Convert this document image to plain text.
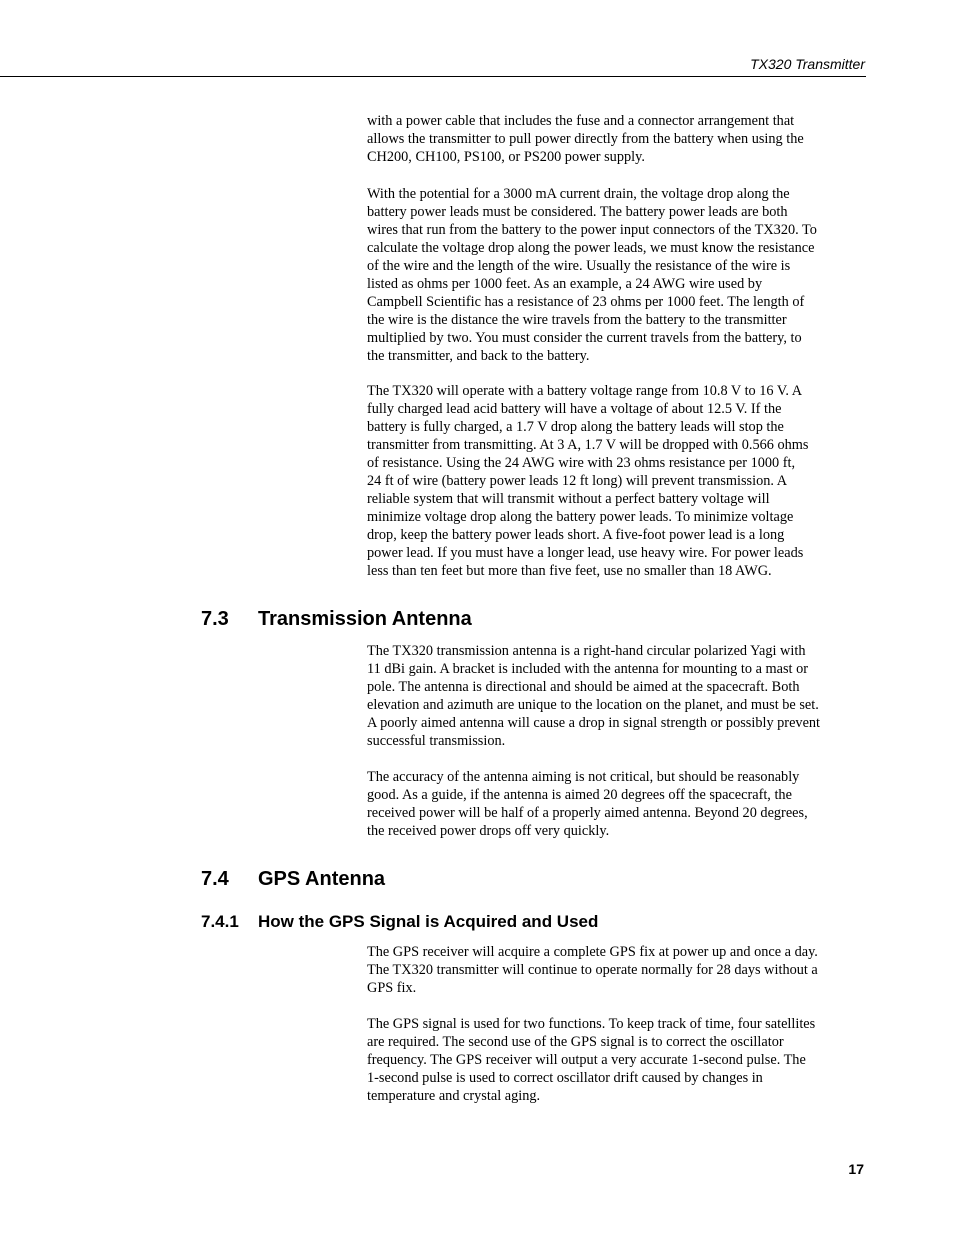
TX320 Transmitter

with a power cable that includes the fuse and a connector arrangement that
allows the transmitter to pull power directly from the battery when using the
CH200, CH100, PS100, or PS200 power supply.

With the potential for a 3000 mA current drain, the voltage drop along the
battery power leads must be considered. The battery power leads are both
wires that run from the battery to the power input connectors of the TX320. To
calculate the voltage drop along the power leads, we must know the resistance
of the wire and the length of the wire. Usually the resistance of the wire is
listed as ohms per 1000 feet. As an example, a 24 AWG wire used by
Campbell Scientific has a resistance of 23 ohms per 1000 feet. The length of
the wire is the distance the wire travels from the battery to the transmitter
multiplied by two. You must consider the current travels from the battery, to
the transmitter, and back to the battery.

The TX320 will operate with a battery voltage range from 10.8 V to 16 V. A
fully charged lead acid battery will have a voltage of about 12.5 V. If the
battery is fully charged, a 1.7 V drop along the battery leads will stop the
transmitter from transmitting. At 3 A, 1.7 V will be dropped with 0.566 ohms
of resistance. Using the 24 AWG wire with 23 ohms resistance per 1000 ft,
24 ft of wire (battery power leads 12 ft long) will prevent transmission. A
reliable system that will transmit without a perfect battery voltage will
minimize voltage drop along the battery power leads. To minimize voltage
drop, keep the battery power leads short. A five-foot power lead is a long
power lead. If you must have a longer lead, use heavy wire. For power leads
less than ten feet but more than five feet, use no smaller than 18 AWG.

7.3 Transmission Antenna

The TX320 transmission antenna is a right-hand circular polarized Yagi with
11 dBi gain. A bracket is included with the antenna for mounting to a mast or
pole. The antenna is directional and should be aimed at the spacecraft. Both
elevation and azimuth are unique to the location on the planet, and must be set.
A poorly aimed antenna will cause a drop in signal strength or possibly prevent
successful transmission.

The accuracy of the antenna aiming is not critical, but should be reasonably
good. As a guide, if the antenna is aimed 20 degrees off the spacecraft, the
received power will be half of a properly aimed antenna. Beyond 20 degrees,
the received power drops off very quickly.

7.4 GPS Antenna
7.4.1 How the GPS Signal is Acquired and Used

The GPS receiver will acquire a complete GPS fix at power up and once a day.
The TX320 transmitter will continue to operate normally for 28 days without a
GPS fix.

The GPS signal is used for two functions. To keep track of time, four satellites
are required. The second use of the GPS signal is to correct the oscillator
frequency. The GPS receiver will output a very accurate 1-second pulse. The
1-second pulse is used to correct oscillator drift caused by changes in
temperature and crystal aging.

17
